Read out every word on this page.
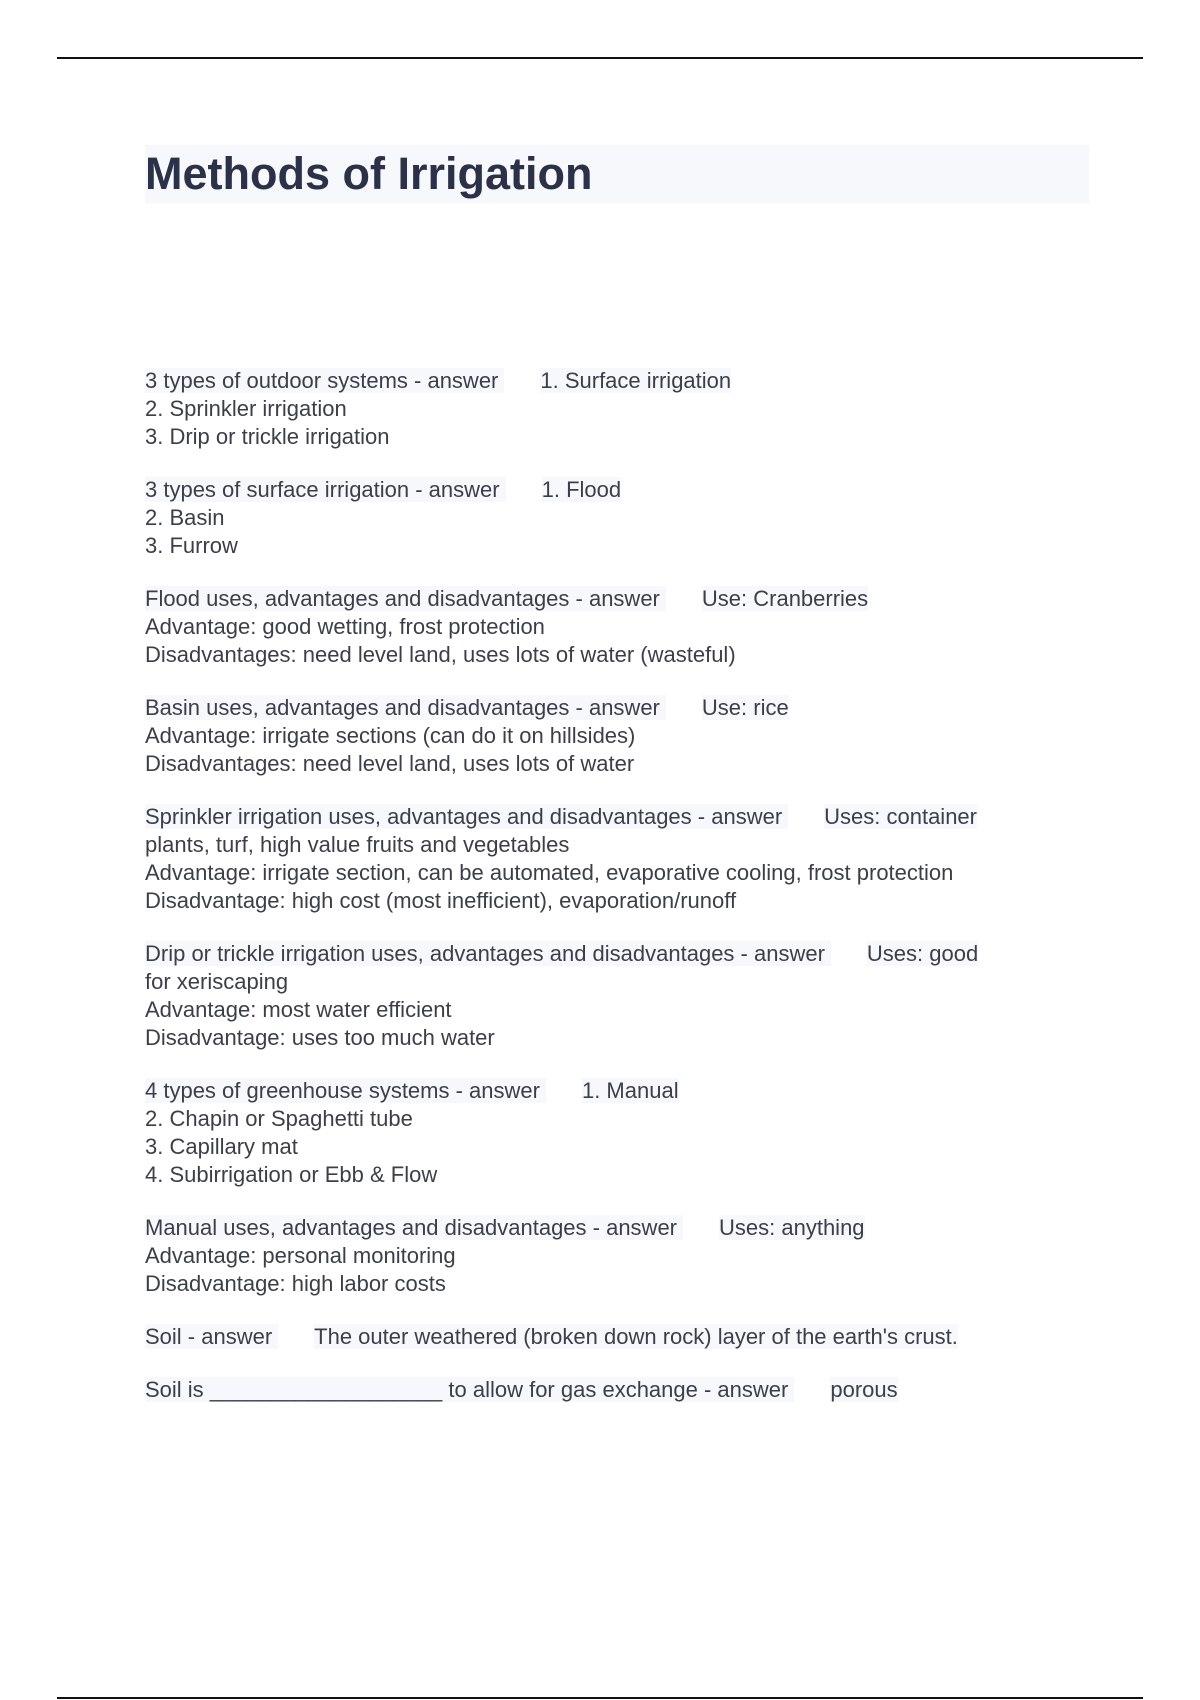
Methods of Irrigation
3 types of outdoor systems - answer 1. Surface irrigation
2. Sprinkler irrigation
3. Drip or trickle irrigation
3 types of surface irrigation - answer 1. Flood
2. Basin
3. Furrow
Flood uses, advantages and disadvantages - answer Use: Cranberries
Advantage: good wetting, frost protection
Disadvantages: need level land, uses lots of water (wasteful)
Basin uses, advantages and disadvantages - answer Use: rice
Advantage: irrigate sections (can do it on hillsides)
Disadvantages: need level land, uses lots of water
Sprinkler irrigation uses, advantages and disadvantages - answer Uses: container
plants, turf, high value fruits and vegetables
Advantage: irrigate section, can be automated, evaporative cooling, frost protection
Disadvantage: high cost (most inefficient), evaporation/runoff
Drip or trickle irrigation uses, advantages and disadvantages - answer Uses: good
for xeriscaping
Advantage: most water efficient
Disadvantage: uses too much water
4 types of greenhouse systems - answer 1. Manual
2. Chapin or Spaghetti tube
3. Capillary mat
4. Subirrigation or Ebb & Flow
Manual uses, advantages and disadvantages - answer Uses: anything
Advantage: personal monitoring
Disadvantage: high labor costs
Soil - answer The outer weathered (broken down rock) layer of the earth's crust.
Soil is ___________________ to allow for gas exchange - answer porous
